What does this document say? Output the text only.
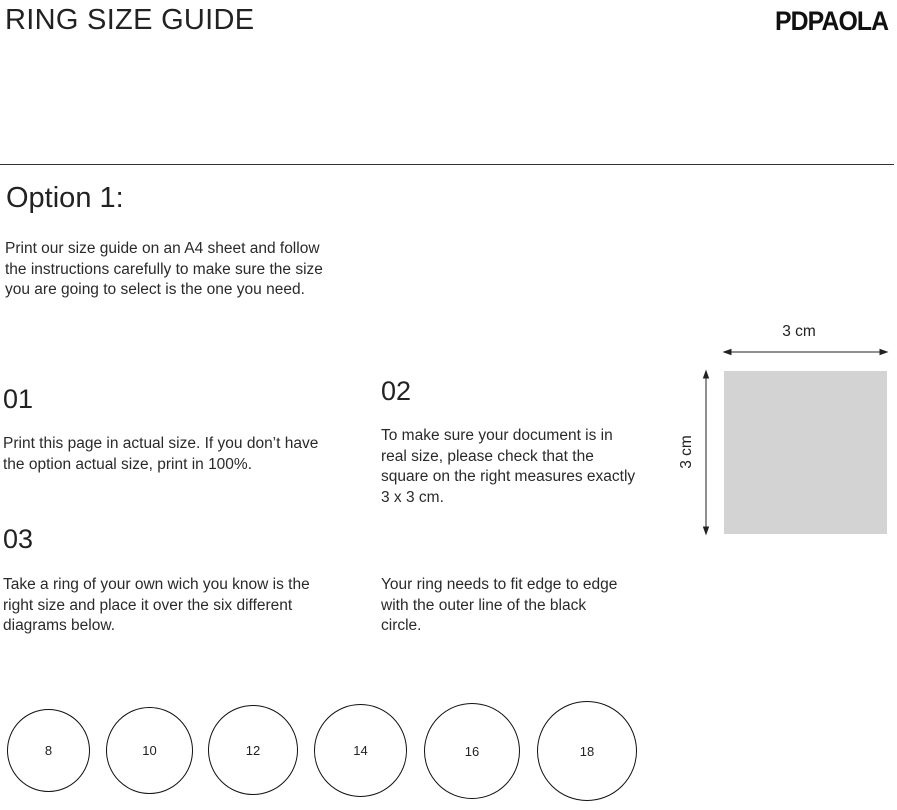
RING SIZE GUIDE	PDPAOLA
Option 1:
Print our size guide on an A4 sheet and follow the instructions carefully to make sure the size you are going to select is the one you need.
01
Print this page in actual size. If you don’t have the option actual size, print in 100%.
02
To make sure your document is in real size, please check that the square on the right measures exactly 3 x 3 cm.
03
Take a ring of your own wich you know is the right size and place it over the six different diagrams below.
Your ring needs to fit edge to edge with the outer line of the black circle.
3 cm
3 cm
8	10	12	14	16	18
